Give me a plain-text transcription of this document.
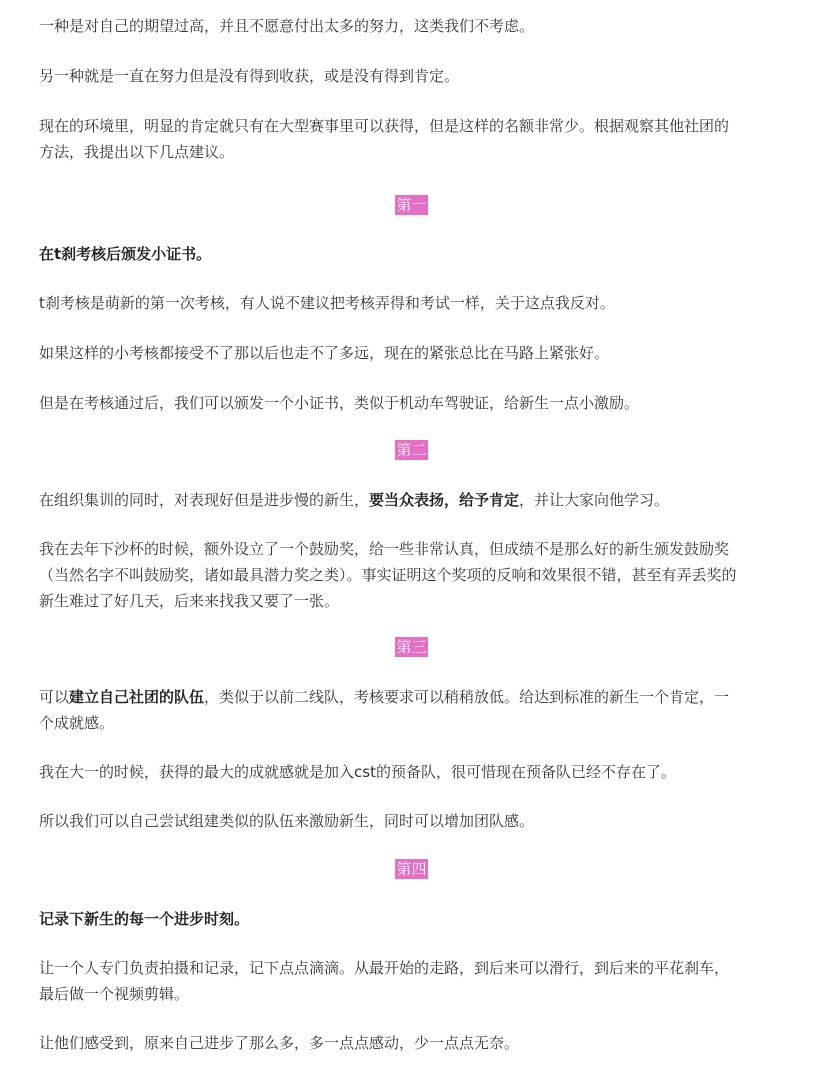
一种是对自己的期望过高，并且不愿意付出太多的努力，这类我们不考虑。

另一种就是一直在努力但是没有得到收获，或是没有得到肯定。

现在的环境里，明显的肯定就只有在大型赛事里可以获得，但是这样的名额非常少。根据观察其他社团的方法，我提出以下几点建议。

第一

在t刹考核后颁发小证书。

t刹考核是萌新的第一次考核，有人说不建议把考核弄得和考试一样，关于这点我反对。

如果这样的小考核都接受不了那以后也走不了多远，现在的紧张总比在马路上紧张好。

但是在考核通过后，我们可以颁发一个小证书，类似于机动车驾驶证，给新生一点小激励。

第二

在组织集训的同时，对表现好但是进步慢的新生，要当众表扬，给予肯定，并让大家向他学习。

我在去年下沙杯的时候，额外设立了一个鼓励奖，给一些非常认真，但成绩不是那么好的新生颁发鼓励奖（当然名字不叫鼓励奖，诸如最具潜力奖之类）。事实证明这个奖项的反响和效果很不错，甚至有弄丢奖的新生难过了好几天，后来来找我又要了一张。

第三

可以建立自己社团的队伍，类似于以前二线队，考核要求可以稍稍放低。给达到标准的新生一个肯定，一个成就感。

我在大一的时候，获得的最大的成就感就是加入cst的预备队，很可惜现在预备队已经不存在了。

所以我们可以自己尝试组建类似的队伍来激励新生，同时可以增加团队感。

第四

记录下新生的每一个进步时刻。

让一个人专门负责拍摄和记录，记下点点滴滴。从最开始的走路，到后来可以滑行，到后来的平花刹车，最后做一个视频剪辑。

让他们感受到，原来自己进步了那么多，多一点点感动，少一点点无奈。
